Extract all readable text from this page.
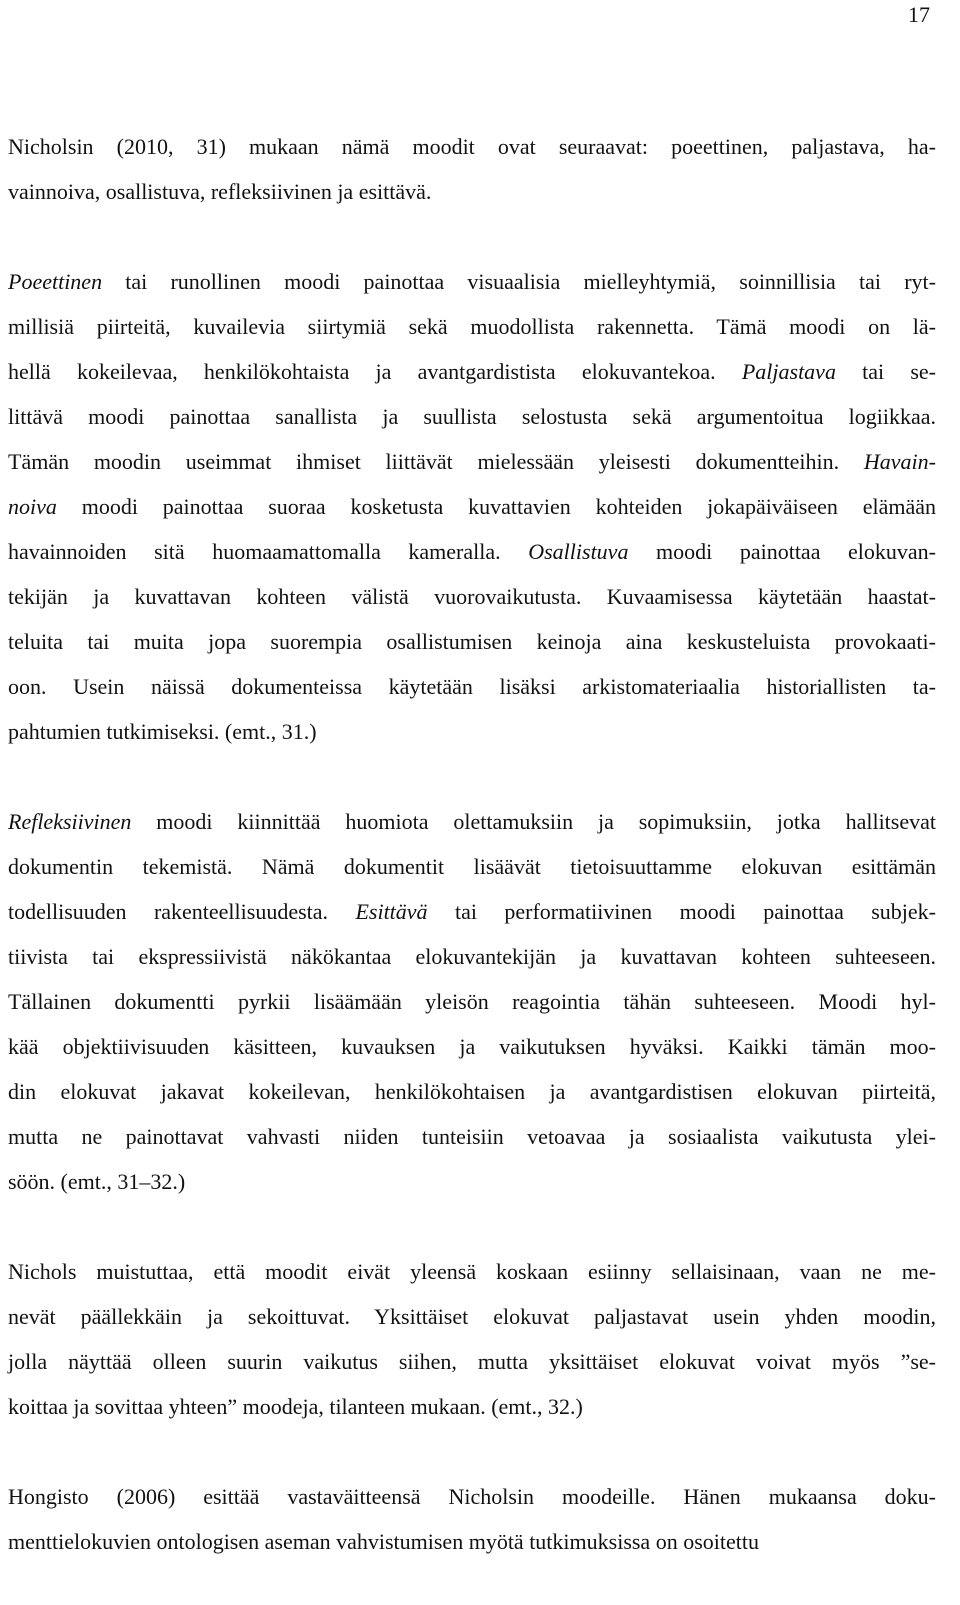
17
Nicholsin (2010, 31) mukaan nämä moodit ovat seuraavat: poeettinen, paljastava, ha-
vainnoiva, osallistuva, refleksiivinen ja esittävä.
Poeettinen tai runollinen moodi painottaa visuaalisia mielleyhtymiä, soinnillisia tai ryt-
millisiä piirteitä, kuvailevia siirtymiä sekä muodollista rakennetta. Tämä moodi on lä-
hellä kokeilevaa, henkilökohtaista ja avantgardistista elokuvantekoa. Paljastava tai se-
littävä moodi painottaa sanallista ja suullista selostusta sekä argumentoitua logiikkaa.
Tämän moodin useimmat ihmiset liittävät mielessään yleisesti dokumentteihin. Havain-
noiva moodi painottaa suoraa kosketusta kuvattavien kohteiden jokapäiväiseen elämään
havainnoiden sitä huomaamattomalla kameralla. Osallistuva moodi painottaa elokuvan-
tekijän ja kuvattavan kohteen välistä vuorovaikutusta. Kuvaamisessa käytetään haastat-
teluita tai muita jopa suorempia osallistumisen keinoja aina keskusteluista provokaati-
oon. Usein näissä dokumenteissa käytetään lisäksi arkistomateriaalia historiallisten ta-
pahtumien tutkimiseksi. (emt., 31.)
Refleksiivinen moodi kiinnittää huomiota olettamuksiin ja sopimuksiin, jotka hallitsevat
dokumentin tekemistä. Nämä dokumentit lisäävät tietoisuuttamme elokuvan esittämän
todellisuuden rakenteellisuudesta. Esittävä tai performatiivinen moodi painottaa subjek-
tiivista tai ekspressiivistä näkökantaa elokuvantekijän ja kuvattavan kohteen suhteeseen.
Tällainen dokumentti pyrkii lisäämään yleisön reagointia tähän suhteeseen. Moodi hyl-
kää objektiivisuuden käsitteen, kuvauksen ja vaikutuksen hyväksi. Kaikki tämän moo-
din elokuvat jakavat kokeilevan, henkilökohtaisen ja avantgardistisen elokuvan piirteitä,
mutta ne painottavat vahvasti niiden tunteisiin vetoavaa ja sosiaalista vaikutusta ylei-
söön. (emt., 31–32.)
Nichols muistuttaa, että moodit eivät yleensä koskaan esiinny sellaisinaan, vaan ne me-
nevät päällekkäin ja sekoittuvat. Yksittäiset elokuvat paljastavat usein yhden moodin,
jolla näyttää olleen suurin vaikutus siihen, mutta yksittäiset elokuvat voivat myös ”se-
koittaa ja sovittaa yhteen” moodeja, tilanteen mukaan. (emt., 32.)
Hongisto (2006) esittää vastaväitteensä Nicholsin moodeille. Hänen mukaansa doku-
menttielokuvien ontologisen aseman vahvistumisen myötä tutkimuksissa on osoitettu
